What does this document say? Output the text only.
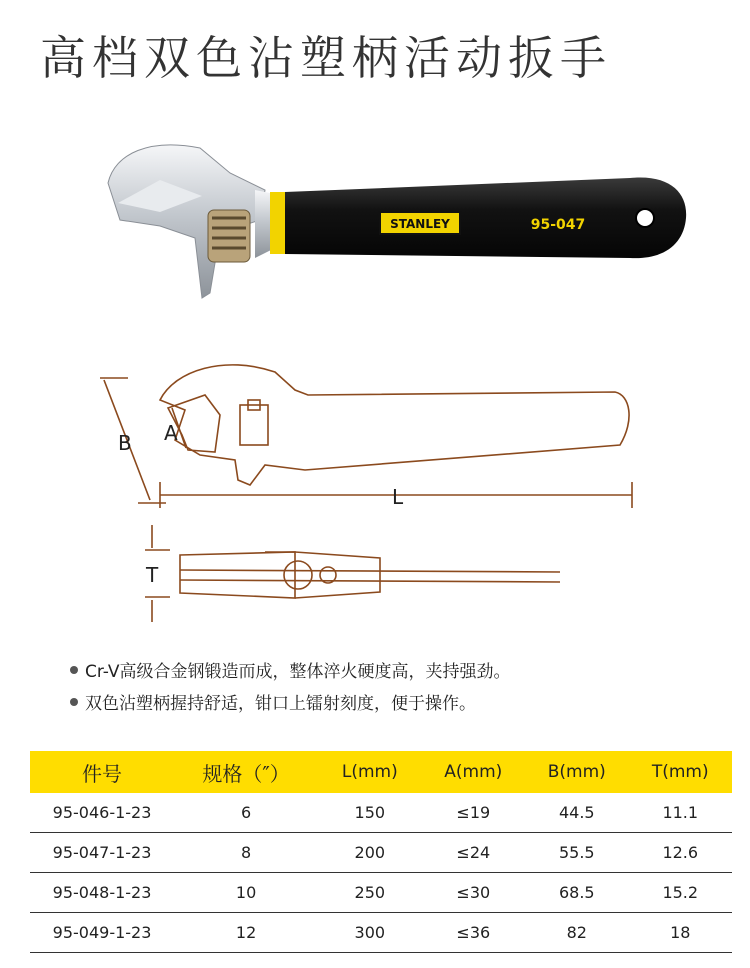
高档双色沾塑柄活动扳手
STANLEY	95-047
B A
L
T
Cr-V高级合金钢锻造而成，整体淬火硬度高，夹持强劲。
双色沾塑柄握持舒适，钳口上镭射刻度，便于操作。
件号	规格（″）	L(mm)	A(mm)	B(mm)	T(mm)
95-046-1-23	6	150	≤19	44.5	11.1
95-047-1-23	8	200	≤24	55.5	12.6
95-048-1-23	10	250	≤30	68.5	15.2
95-049-1-23	12	300	≤36	82	18
